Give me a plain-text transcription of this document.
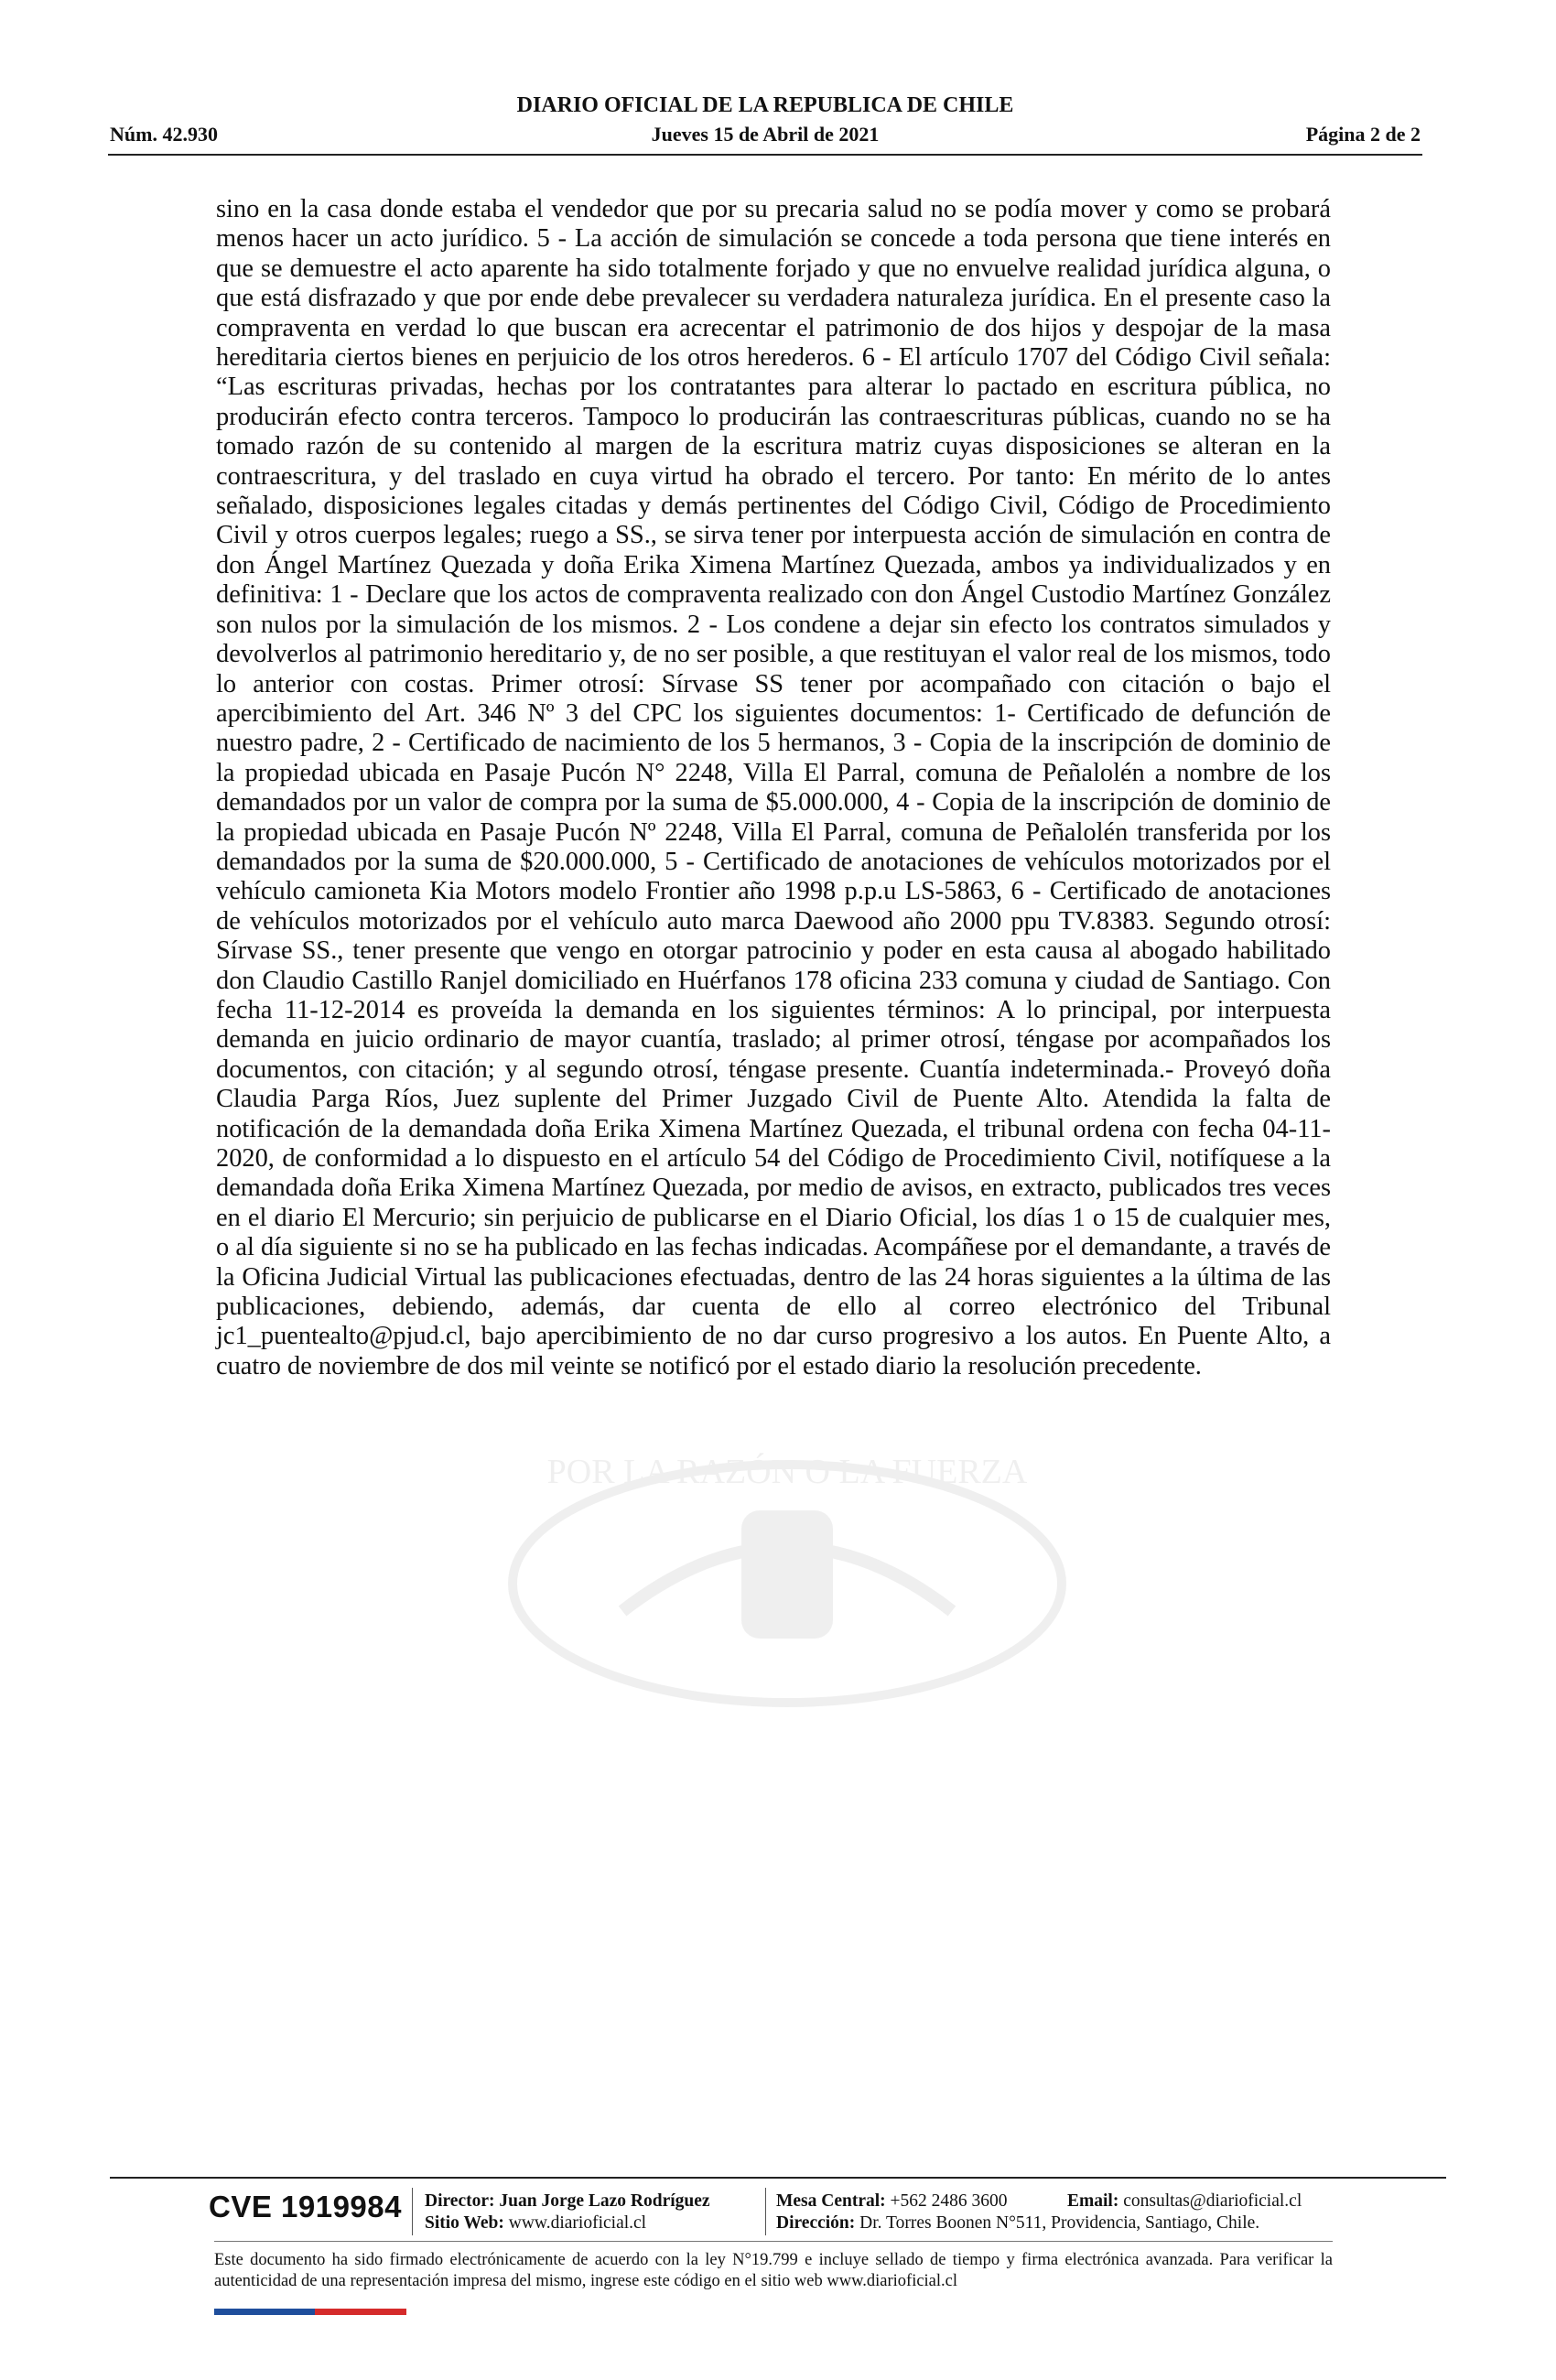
DIARIO OFICIAL DE LA REPUBLICA DE CHILE
Núm. 42.930	Jueves 15 de Abril de 2021	Página 2 de 2
POR LA RAZÓN O LA FUERZA
sino en la casa donde estaba el vendedor que por su precaria salud no se podía mover y como se probará menos hacer un acto jurídico. 5 - La acción de simulación se concede a toda persona que tiene interés en que se demuestre el acto aparente ha sido totalmente forjado y que no envuelve realidad jurídica alguna, o que está disfrazado y que por ende debe prevalecer su verdadera naturaleza jurídica. En el presente caso la compraventa en verdad lo que buscan era acrecentar el patrimonio de dos hijos y despojar de la masa hereditaria ciertos bienes en perjuicio de los otros herederos. 6 - El artículo 1707 del Código Civil señala: “Las escrituras privadas, hechas por los contratantes para alterar lo pactado en escritura pública, no producirán efecto contra terceros. Tampoco lo producirán las contraescrituras públicas, cuando no se ha tomado razón de su contenido al margen de la escritura matriz cuyas disposiciones se alteran en la contraescritura, y del traslado en cuya virtud ha obrado el tercero. Por tanto: En mérito de lo antes señalado, disposiciones legales citadas y demás pertinentes del Código Civil, Código de Procedimiento Civil y otros cuerpos legales; ruego a SS., se sirva tener por interpuesta acción de simulación en contra de don Ángel Martínez Quezada y doña Erika Ximena Martínez Quezada, ambos ya individualizados y en definitiva: 1 - Declare que los actos de compraventa realizado con don Ángel Custodio Martínez González son nulos por la simulación de los mismos. 2 - Los condene a dejar sin efecto los contratos simulados y devolverlos al patrimonio hereditario y, de no ser posible, a que restituyan el valor real de los mismos, todo lo anterior con costas. Primer otrosí: Sírvase SS tener por acompañado con citación o bajo el apercibimiento del Art. 346 Nº 3 del CPC los siguientes documentos: 1- Certificado de defunción de nuestro padre, 2 - Certificado de nacimiento de los 5 hermanos, 3 - Copia de la inscripción de dominio de la propiedad ubicada en Pasaje Pucón N° 2248, Villa El Parral, comuna de Peñalolén a nombre de los demandados por un valor de compra por la suma de $5.000.000, 4 - Copia de la inscripción de dominio de la propiedad ubicada en Pasaje Pucón Nº 2248, Villa El Parral, comuna de Peñalolén transferida por los demandados por la suma de $20.000.000, 5 - Certificado de anotaciones de vehículos motorizados por el vehículo camioneta Kia Motors modelo Frontier año 1998 p.p.u LS-5863, 6 - Certificado de anotaciones de vehículos motorizados por el vehículo auto marca Daewood año 2000 ppu TV.8383. Segundo otrosí: Sírvase SS., tener presente que vengo en otorgar patrocinio y poder en esta causa al abogado habilitado don Claudio Castillo Ranjel domiciliado en Huérfanos 178 oficina 233 comuna y ciudad de Santiago. Con fecha 11-12-2014 es proveída la demanda en los siguientes términos: A lo principal, por interpuesta demanda en juicio ordinario de mayor cuantía, traslado; al primer otrosí, téngase por acompañados los documentos, con citación; y al segundo otrosí, téngase presente. Cuantía indeterminada.- Proveyó doña Claudia Parga Ríos, Juez suplente del Primer Juzgado Civil de Puente Alto. Atendida la falta de notificación de la demandada doña Erika Ximena Martínez Quezada, el tribunal ordena con fecha 04-11-2020, de conformidad a lo dispuesto en el artículo 54 del Código de Procedimiento Civil, notifíquese a la demandada doña Erika Ximena Martínez Quezada, por medio de avisos, en extracto, publicados tres veces en el diario El Mercurio; sin perjuicio de publicarse en el Diario Oficial, los días 1 o 15 de cualquier mes, o al día siguiente si no se ha publicado en las fechas indicadas. Acompáñese por el demandante, a través de la Oficina Judicial Virtual las publicaciones efectuadas, dentro de las 24 horas siguientes a la última de las publicaciones, debiendo, además, dar cuenta de ello al correo electrónico del Tribunal jc1_puentealto@pjud.cl, bajo apercibimiento de no dar curso progresivo a los autos. En Puente Alto, a cuatro de noviembre de dos mil veinte se notificó por el estado diario la resolución precedente.
CVE 1919984 Director: Juan Jorge Lazo Rodríguez
Sitio Web: www.diarioficial.cl
Mesa Central: +562 2486 3600
Dirección: Dr. Torres Boonen N°511, Providencia, Santiago, Chile.
Email: consultas@diarioficial.cl
Este documento ha sido firmado electrónicamente de acuerdo con la ley N°19.799 e incluye sellado de tiempo y firma electrónica avanzada. Para verificar la autenticidad de una representación impresa del mismo, ingrese este código en el sitio web www.diarioficial.cl
